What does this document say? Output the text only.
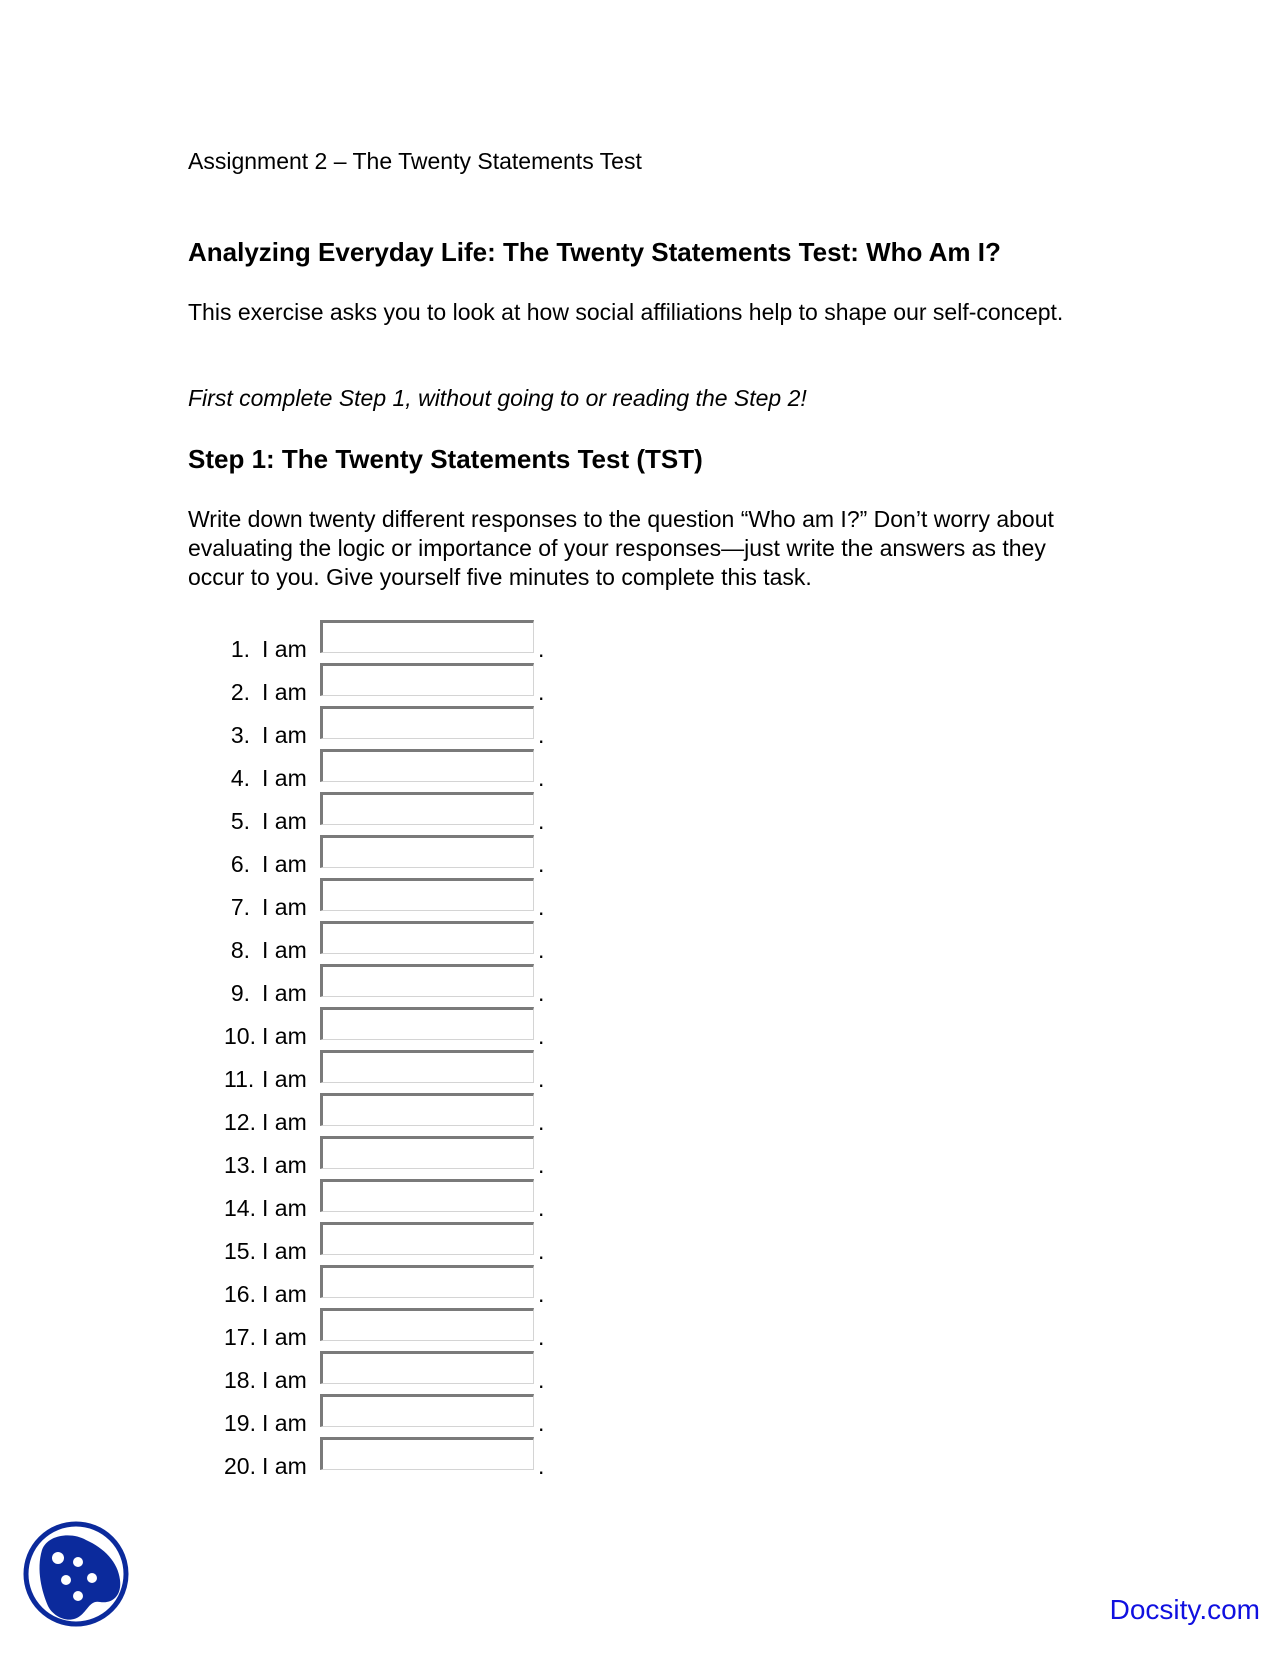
Assignment 2 – The Twenty Statements Test
Analyzing Everyday Life: The Twenty Statements Test: Who Am I?
This exercise asks you to look at how social affiliations help to shape our self-concept.
First complete Step 1, without going to or reading the Step 2!
Step 1: The Twenty Statements Test (TST)
Write down twenty different responses to the question “Who am I?” Don’t worry about evaluating the logic or importance of your responses—just write the answers as they occur to you. Give yourself five minutes to complete this task.
1. I am	.
2. I am	.
3. I am	.
4. I am	.
5. I am	.
6. I am	.
7. I am	.
8. I am	.
9. I am	.
10. I am	.
11. I am	.
12. I am	.
13. I am	.
14. I am	.
15. I am	.
16. I am	.
17. I am	.
18. I am	.
19. I am	.
20. I am	.
Docsity.com
